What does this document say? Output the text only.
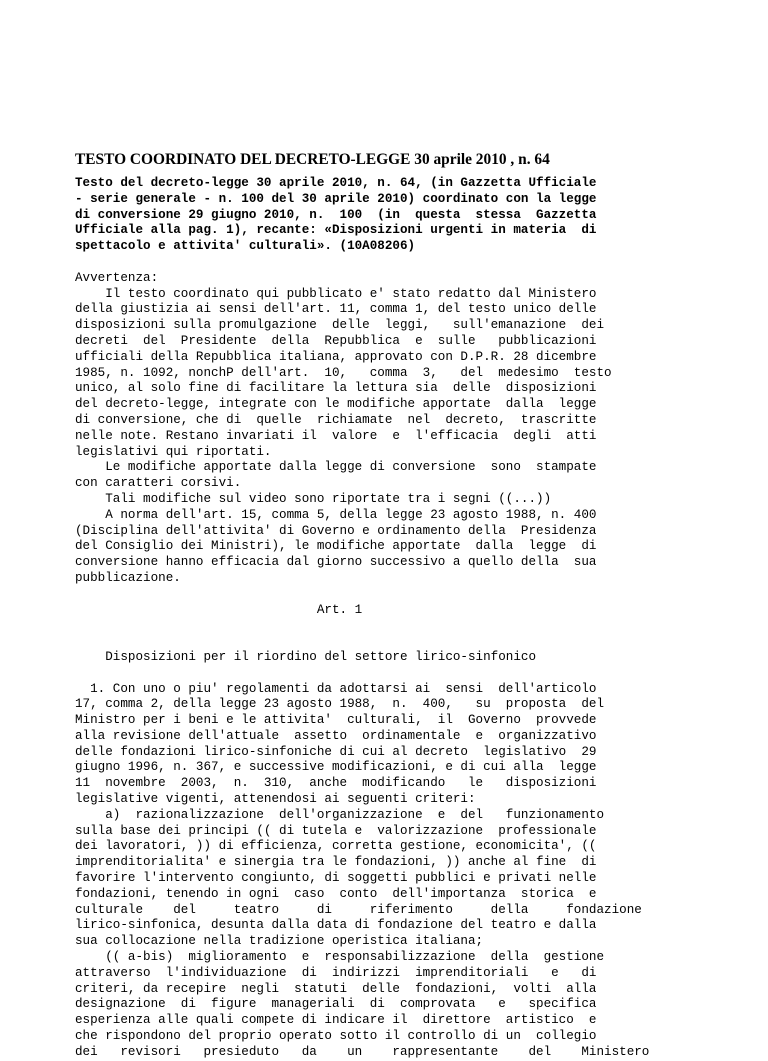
TESTO COORDINATO DEL DECRETO-LEGGE 30 aprile 2010 , n. 64
Testo del decreto-legge 30 aprile 2010, n. 64, (in Gazzetta Ufficiale
- serie generale - n. 100 del 30 aprile 2010) coordinato con la legge
di conversione 29 giugno 2010, n.  100  (in  questa  stessa  Gazzetta
Ufficiale alla pag. 1), recante: «Disposizioni urgenti in materia  di
spettacolo e attivita' culturali». (10A08206)
Avvertenza:
Il testo coordinato qui pubblicato e' stato redatto dal Ministero
della giustizia ai sensi dell'art. 11, comma 1, del testo unico delle
disposizioni sulla promulgazione  delle  leggi,   sull'emanazione  dei
decreti  del  Presidente  della  Repubblica  e  sulle   pubblicazioni
ufficiali della Repubblica italiana, approvato con D.P.R. 28 dicembre
1985, n. 1092, nonchP dell'art.  10,   comma  3,   del  medesimo  testo
unico, al solo fine di facilitare la lettura sia  delle  disposizioni
del decreto-legge, integrate con le modifiche apportate  dalla  legge
di conversione, che di  quelle  richiamate  nel  decreto,  trascritte
nelle note. Restano invariati il  valore  e  l'efficacia  degli  atti
legislativi qui riportati.
Le modifiche apportate dalla legge di conversione  sono  stampate
con caratteri corsivi.
Tali modifiche sul video sono riportate tra i segni ((...))
A norma dell'art. 15, comma 5, della legge 23 agosto 1988, n. 400
(Disciplina dell'attivita' di Governo e ordinamento della  Presidenza
del Consiglio dei Ministri), le modifiche apportate  dalla  legge  di
conversione hanno efficacia dal giorno successivo a quello della  sua
pubblicazione.
Art. 1
Disposizioni per il riordino del settore lirico-sinfonico
1. Con uno o piu' regolamenti da adottarsi ai  sensi  dell'articolo
17, comma 2, della legge 23 agosto 1988,  n.  400,   su  proposta  del
Ministro per i beni e le attivita'  culturali,  il  Governo  provvede
alla revisione dell'attuale  assetto  ordinamentale  e  organizzativo
delle fondazioni lirico-sinfoniche di cui al decreto  legislativo  29
giugno 1996, n. 367, e successive modificazioni, e di cui alla  legge
11  novembre  2003,  n.  310,  anche  modificando   le   disposizioni
legislative vigenti, attenendosi ai seguenti criteri:
a)  razionalizzazione  dell'organizzazione  e  del   funzionamento
sulla base dei principi (( di tutela e  valorizzazione  professionale
dei lavoratori, )) di efficienza, corretta gestione, economicita', ((
imprenditorialita' e sinergia tra le fondazioni, )) anche al fine  di
favorire l'intervento congiunto, di soggetti pubblici e privati nelle
fondazioni, tenendo in ogni  caso  conto  dell'importanza  storica  e
culturale    del     teatro     di     riferimento     della     fondazione
lirico-sinfonica, desunta dalla data di fondazione del teatro e dalla
sua collocazione nella tradizione operistica italiana;
(( a-bis)  miglioramento  e  responsabilizzazione  della  gestione
attraverso  l'individuazione  di  indirizzi  imprenditoriali   e   di
criteri, da recepire  negli  statuti  delle  fondazioni,  volti  alla
designazione  di  figure  manageriali  di  comprovata   e   specifica
esperienza alle quali compete di indicare il  direttore  artistico  e
che rispondono del proprio operato sotto il controllo di un  collegio
dei   revisori   presieduto   da    un    rappresentante    del    Ministero
